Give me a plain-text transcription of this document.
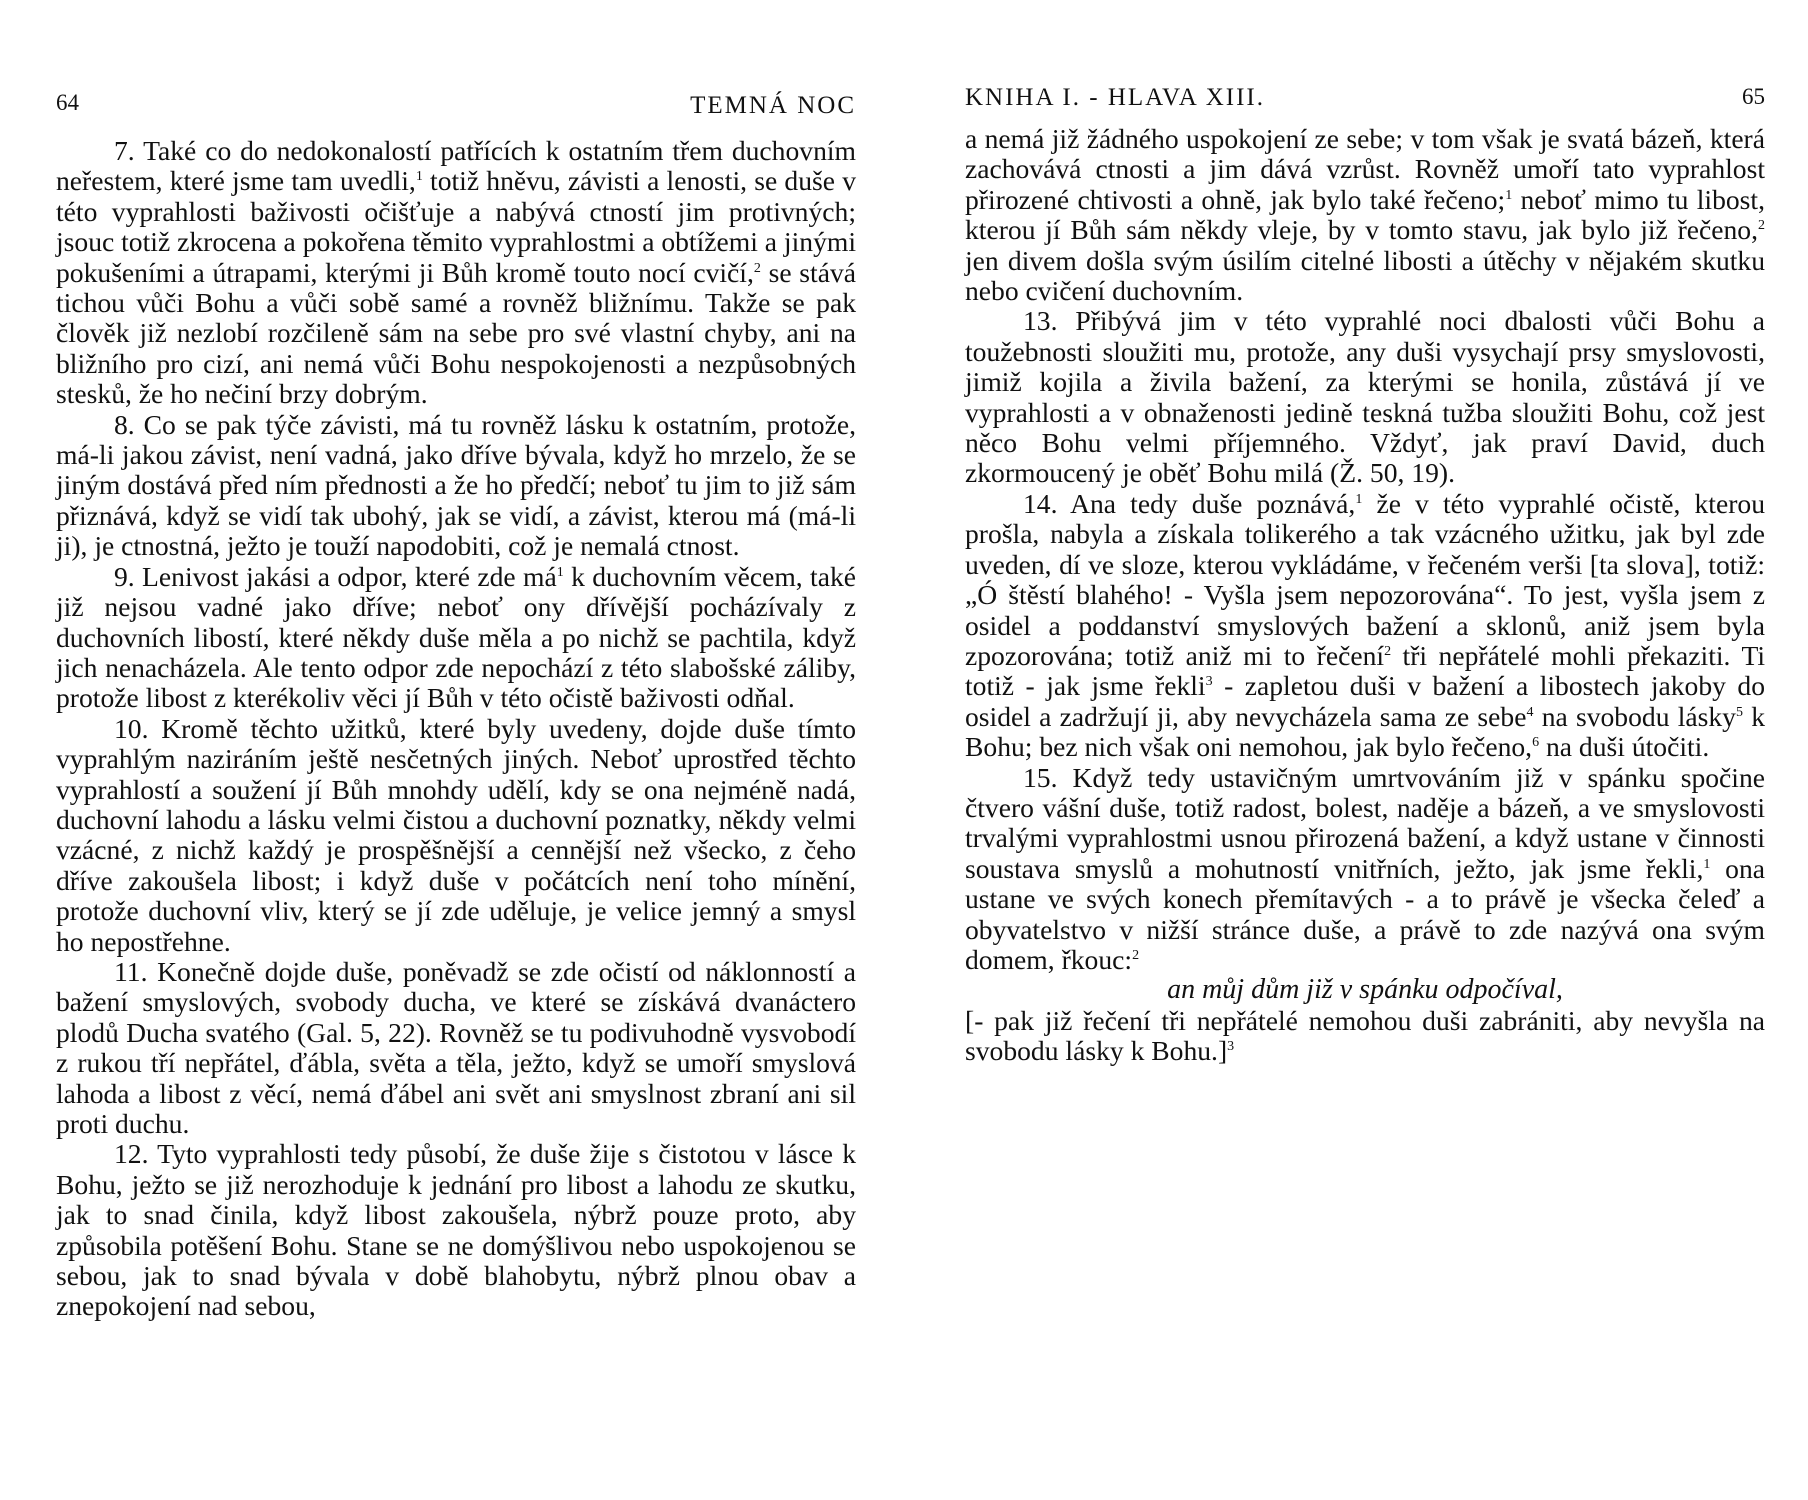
64	TEMNÁ NOC

7. Také co do nedokonalostí patřících k ostatním třem duchovním neřestem, které jsme tam uvedli,$^1$ totiž hněvu, závisti a lenosti, se duše v této vyprahlosti baživosti očišťuje a nabývá ctností jim protivných; jsouc totiž zkrocena a pokořena těmito vyprahlostmi a obtížemi a jinými pokušeními a útrapami, kterými ji Bůh kromě touto nocí cvičí,$^2$ se stává tichou vůči Bohu a vůči sobě samé a rovněž bližnímu. Takže se pak člověk již nezlobí rozčileně sám na sebe pro své vlastní chyby, ani na bližního pro cizí, ani nemá vůči Bohu nespokojenosti a nezpůsobných stesků, že ho nečiní brzy dobrým.

8. Co se pak týče závisti, má tu rovněž lásku k ostatním, protože, má-li jakou závist, není vadná, jako dříve bývala, když ho mrzelo, že se jiným dostává před ním přednosti a že ho předčí; neboť tu jim to již sám přiznává, když se vidí tak ubohý, jak se vidí, a závist, kterou má (má-li ji), je ctnostná, ježto je touží napodobiti, což je nemalá ctnost.

9. Lenivost jakási a odpor, které zde $má^1$ k duchovním věcem, také již nejsou vadné jako dříve; neboť ony dřívější pocházívaly z duchovních libostí, které někdy duše měla a po nichž se pachtila, když jich nenacházela. Ale tento odpor zde nepochází z této slabošské záliby, protože libost z kterékoliv věci jí Bůh v této očistě baživosti odňal.

10. Kromě těchto užitků, které byly uvedeny, dojde duše tímto vyprahlým naziráním ještě nesčetných jiných. Neboť uprostřed těchto vyprahlostí a soužení jí Bůh mnohdy udělí, kdy se ona nejméně nadá, duchovní lahodu a lásku velmi čistou a duchovní poznatky, někdy velmi vzácné, z nichž každý je prospěšnější a cennější než všecko, z čeho dříve zakoušela libost; i když duše v počátcích není toho mínění, protože duchovní vliv, který se jí zde uděluje, je velice jemný a smysl ho nepostřehne.

11. Konečně dojde duše, poněvadž se zde očistí od náklonností a bažení smyslových, svobody ducha, ve které se získává dvanáctero plodů Ducha svatého (Gal. 5, 22). Rovněž se tu podivuhodně vysvobodí z rukou tří nepřátel, ďábla, světa a těla, ježto, když se umoří smyslová lahoda a libost z věcí, nemá ďábel ani svět ani smyslnost zbraní ani sil proti duchu.

12. Tyto vyprahlosti tedy působí, že duše žije s čistotou v lásce k Bohu, ježto se již nerozhoduje k jednání pro libost a lahodu ze skutku, jak to snad činila, když libost zakoušela, nýbrž pouze proto, aby způsobila potěšení Bohu. Stane se ne domýšlivou nebo uspokojenou se sebou, jak to snad bývala v době blahobytu, nýbrž plnou obav a znepokojení nad sebou,

KNIHA I. - HLAVA XIII.	65

a nemá již žádného uspokojení ze sebe; v tom však je svatá bázeň, která zachovává ctnosti a jim dává vzrůst. Rovněž umoří tato vyprahlost přirozené chtivosti a ohně, jak bylo také řečeno;$^1$ neboť mimo tu libost, kterou jí Bůh sám někdy vleje, by v tomto stavu, jak bylo již řečeno,$^2$ jen divem došla svým úsilím citelné libosti a útěchy v nějakém skutku nebo cvičení duchovním.

13. Přibývá jim v této vyprahlé noci dbalosti vůči Bohu a toužebnosti sloužiti mu, protože, any duši vysychají prsy smyslovosti, jimiž kojila a živila bažení, za kterými se honila, zůstává jí ve vyprahlosti a v obnaženosti jedině teskná tužba sloužiti Bohu, což jest něco Bohu velmi příjemného. Vždyť, jak praví David, duch zkormoucený je oběť Bohu milá (Ž. 50, 19).

14. Ana tedy duše poznává,$^1$ že v této vyprahlé očistě, kterou prošla, nabyla a získala tolikerého a tak vzácného užitku, jak byl zde uveden, dí ve sloze, kterou vykládáme, v řečeném verši [ta slova], totiž: „Ó štěstí blahého! - Vyšla jsem nepozorována“. To jest, vyšla jsem z osidel a poddanství smyslových bažení a sklonů, aniž jsem byla zpozorována; totiž aniž mi to řečení$^2$ tři nepřátelé mohli překaziti. Ti totiž - jak jsme řekli$^3$ - zapletou duši v bažení a libostech jakoby do osidel a zadržují ji, aby nevycházela sama ze sebe$^4$ na svobodu lásky$^5$ k Bohu; bez nich však oni nemohou, jak bylo řečeno,$^6$ na duši útočiti.

15. Když tedy ustavičným umrtvováním již v spánku spočine čtvero vášní duše, totiž radost, bolest, naděje a bázeň, a ve smyslovosti trvalými vyprahlostmi usnou přirozená bažení, a když ustane v činnosti soustava smyslů a mohutností vnitřních, ježto, jak jsme řekli,$^1$ ona ustane ve svých konech přemítavých - a to právě je všecka čeleď a obyvatelstvo v nižší stránce duše, a právě to zde nazývá ona svým domem, řkouc:$^2$

an můj dům již v spánku odpočíval,

[- pak již řečení tři nepřátelé nemohou duši zabrániti, aby nevyšla na svobodu lásky k Bohu.]$^3$
